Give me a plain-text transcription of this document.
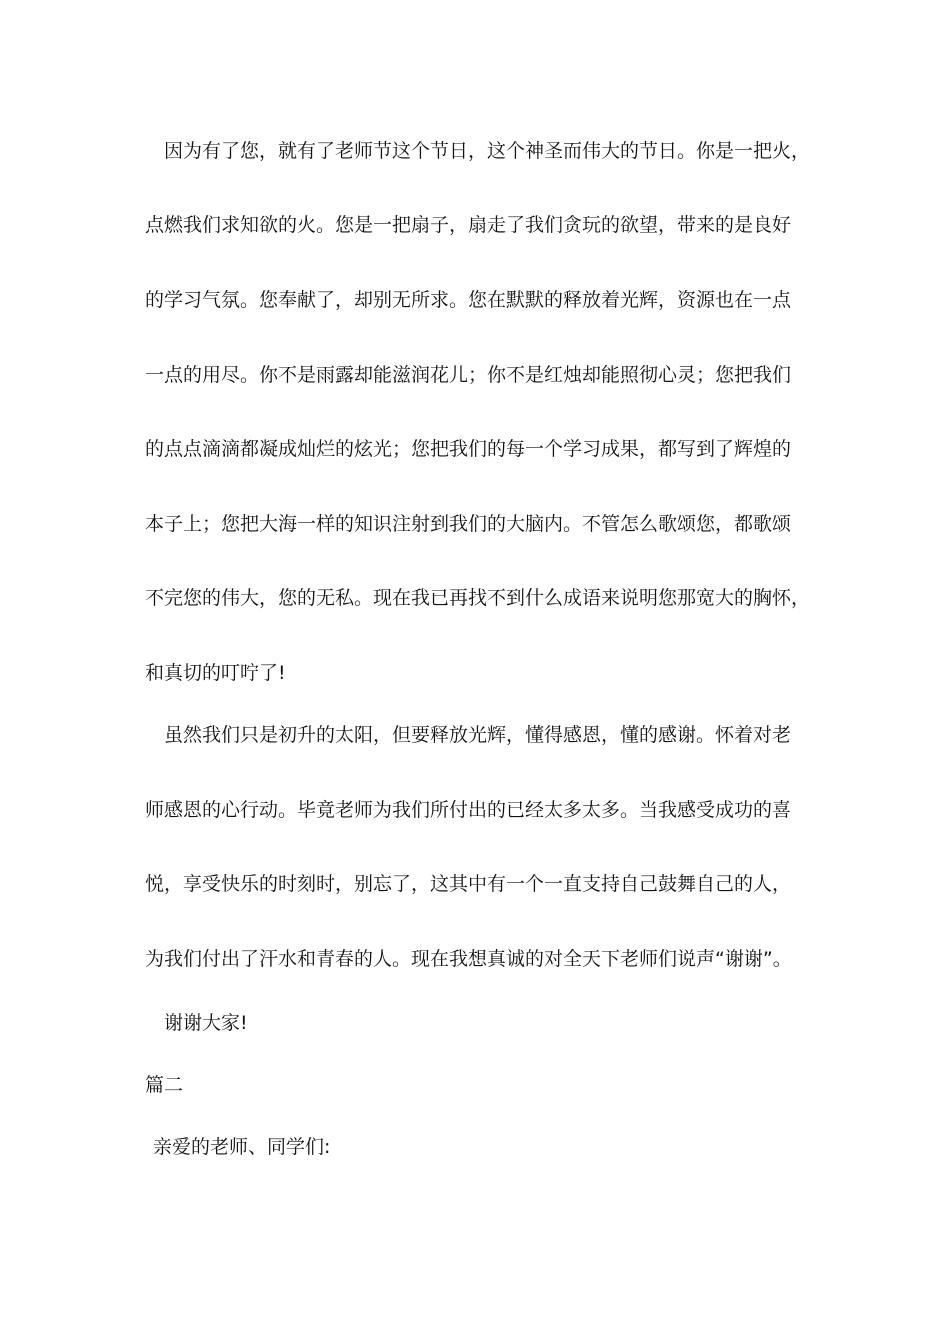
因为有了您，就有了老师节这个节日，这个神圣而伟大的节日。你是一把火，
点燃我们求知欲的火。您是一把扇子，扇走了我们贪玩的欲望，带来的是良好
的学习气氛。您奉献了，却别无所求。您在默默的释放着光辉，资源也在一点
一点的用尽。你不是雨露却能滋润花儿；你不是红烛却能照彻心灵；您把我们
的点点滴滴都凝成灿烂的炫光；您把我们的每一个学习成果，都写到了辉煌的
本子上；您把大海一样的知识注射到我们的大脑内。不管怎么歌颂您，都歌颂
不完您的伟大，您的无私。现在我已再找不到什么成语来说明您那宽大的胸怀，
和真切的叮咛了!
虽然我们只是初升的太阳，但要释放光辉，懂得感恩，懂的感谢。怀着对老
师感恩的心行动。毕竟老师为我们所付出的已经太多太多。当我感受成功的喜
悦，享受快乐的时刻时，别忘了，这其中有一个一直支持自己鼓舞自己的人，
为我们付出了汗水和青春的人。现在我想真诚的对全天下老师们说声“谢谢”。
谢谢大家!
篇二
亲爱的老师、同学们:
